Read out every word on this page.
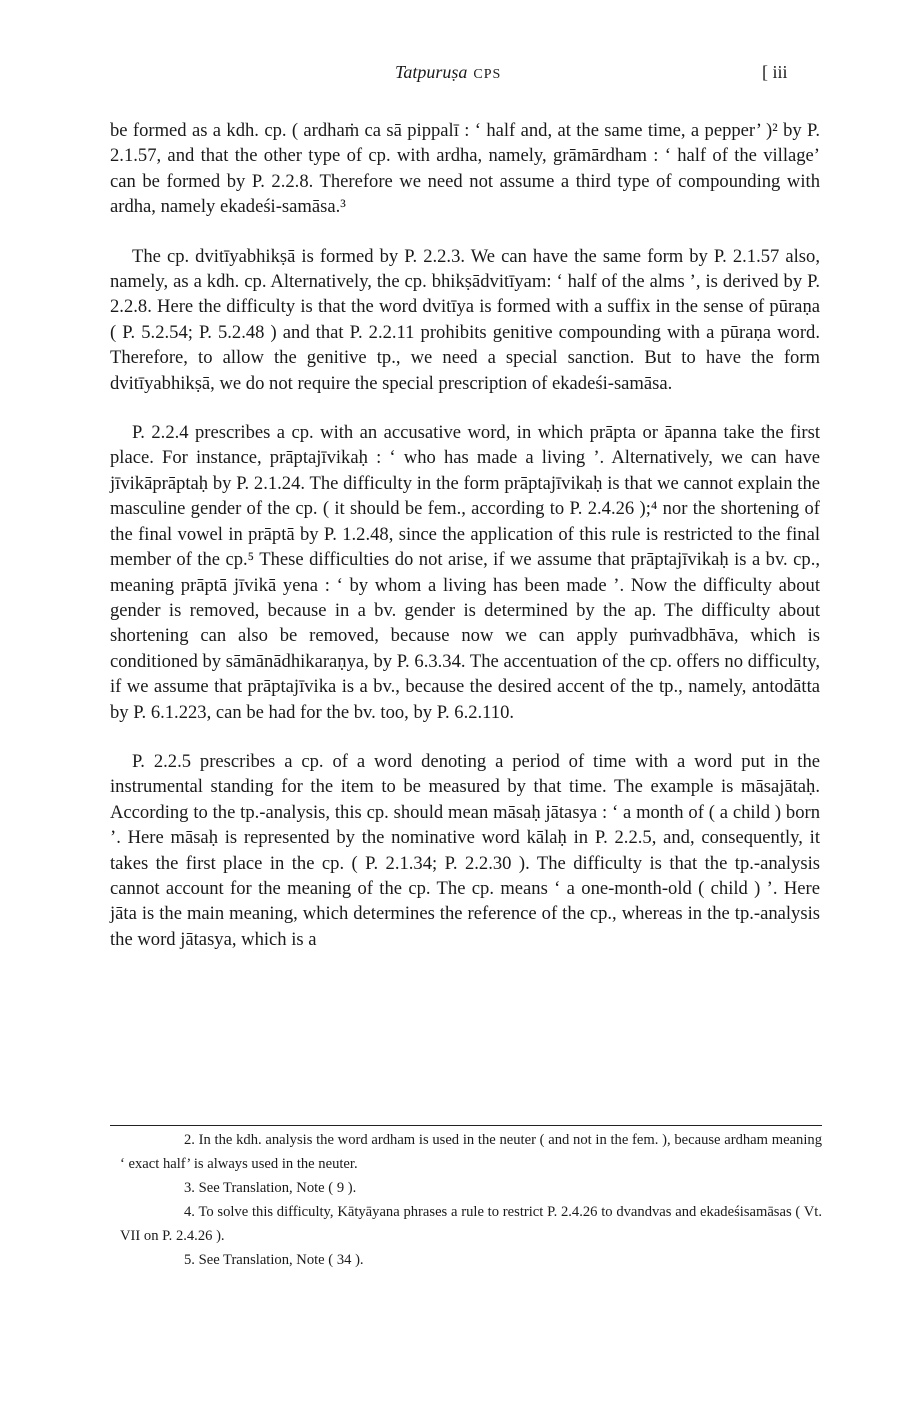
Tatpuruṣa CPS	[ iii

be formed as a kdh. cp. ( ardhaṁ ca sā pippalī : ‘ half and, at the same time, a pepper’ )² by P. 2.1.57, and that the other type of cp. with ardha, namely, grāmārdham : ‘ half of the village’ can be formed by P. 2.2.8. Therefore we need not assume a third type of compounding with ardha, namely ekadeśi-samāsa.³

The cp. dvitīyabhikṣā is formed by P. 2.2.3. We can have the same form by P. 2.1.57 also, namely, as a kdh. cp. Alternatively, the cp. bhikṣādvitīyam: ‘ half of the alms ’, is derived by P. 2.2.8. Here the difficulty is that the word dvitīya is formed with a suffix in the sense of pūraṇa ( P. 5.2.54; P. 5.2.48 ) and that P. 2.2.11 prohibits genitive compounding with a pūraṇa word. Therefore, to allow the genitive tp., we need a special sanction. But to have the form dvitīyabhikṣā, we do not require the special prescription of ekadeśi-samāsa.

P. 2.2.4 prescribes a cp. with an accusative word, in which prāpta or āpanna take the first place. For instance, prāptajīvikaḥ : ‘ who has made a living ’. Alternatively, we can have jīvikāprāptaḥ by P. 2.1.24. The difficulty in the form prāptajīvikaḥ is that we cannot explain the masculine gender of the cp. ( it should be fem., according to P. 2.4.26 );⁴ nor the shortening of the final vowel in prāptā by P. 1.2.48, since the application of this rule is restricted to the final member of the cp.⁵ These difficulties do not arise, if we assume that prāptajīvikaḥ is a bv. cp., meaning prāptā jīvikā yena : ‘ by whom a living has been made ’. Now the difficulty about gender is removed, because in a bv. gender is determined by the ap. The difficulty about shortening can also be removed, because now we can apply puṁvadbhāva, which is conditioned by sāmānādhikaraṇya, by P. 6.3.34. The accentuation of the cp. offers no difficulty, if we assume that prāptajīvika is a bv., because the desired accent of the tp., namely, antodātta by P. 6.1.223, can be had for the bv. too, by P. 6.2.110.

P. 2.2.5 prescribes a cp. of a word denoting a period of time with a word put in the instrumental standing for the item to be measured by that time. The example is māsajātaḥ. According to the tp.-analysis, this cp. should mean māsaḥ jātasya : ‘ a month of ( a child ) born ’. Here māsaḥ is represented by the nominative word kālaḥ in P. 2.2.5, and, consequently, it takes the first place in the cp. ( P. 2.1.34; P. 2.2.30 ). The difficulty is that the tp.-analysis cannot account for the meaning of the cp. The cp. means ‘ a one-month-old ( child ) ’. Here jāta is the main meaning, which determines the reference of the cp., whereas in the tp.-analysis the word jātasya, which is a

2. In the kdh. analysis the word ardham is used in the neuter ( and not in the fem. ), because ardham meaning ‘ exact half’ is always used in the neuter.

3. See Translation, Note ( 9 ).

4. To solve this difficulty, Kātyāyana phrases a rule to restrict P. 2.4.26 to dvandvas and ekadeśisamāsas ( Vt. VII on P. 2.4.26 ).

5. See Translation, Note ( 34 ).
